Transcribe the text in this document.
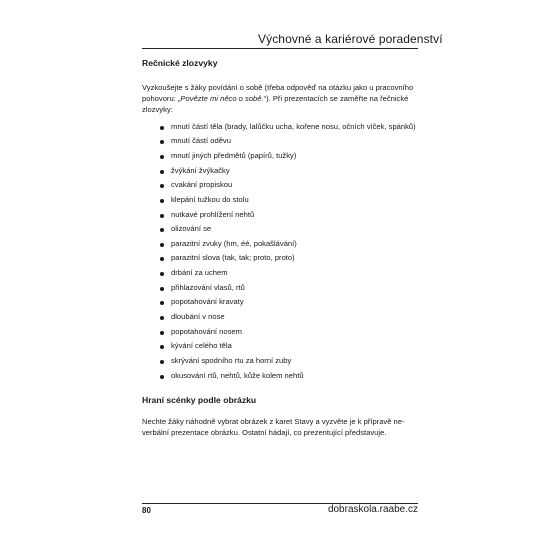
Výchovné a kariérové poradenství
Rečnické zlozvyky

Vyzkoušejte s žáky povídání o sobě (třeba odpověď na otázku jako u pracovního pohovoru: „Povězte mi něco o sobě.“). Při prezentacích se zaměřte na řečnické zlozvyky:

mnutí částí těla (brady, lalůčku ucha, kořene nosu, očních víček, spánků)
mnutí částí oděvu
mnutí jiných předmětů (papírů, tužky)
žvýkání žvýkačky
cvakání propiskou
klepání tužkou do stolu
nutkavé prohlížení nehtů
olizování se
parazitní zvuky (hm, éé, pokašlávání)
parazitní slova (tak, tak; proto, proto)
drbání za uchem
přihlazování vlasů, rtů
popotahování kravaty
dloubání v nose
popotahování nosem
kývání celého těla
skrývání spodního rtu za horní zuby
okusování rtů, nehtů, kůže kolem nehtů
Hraní scénky podle obrázku

Nechte žáky náhodně vybrat obrázek z karet Stavy a vyzvěte je k přípravě neverbální prezentace obrázku. Ostatní hádají, co prezentující představuje.

80	dobraskola.raabe.cz
